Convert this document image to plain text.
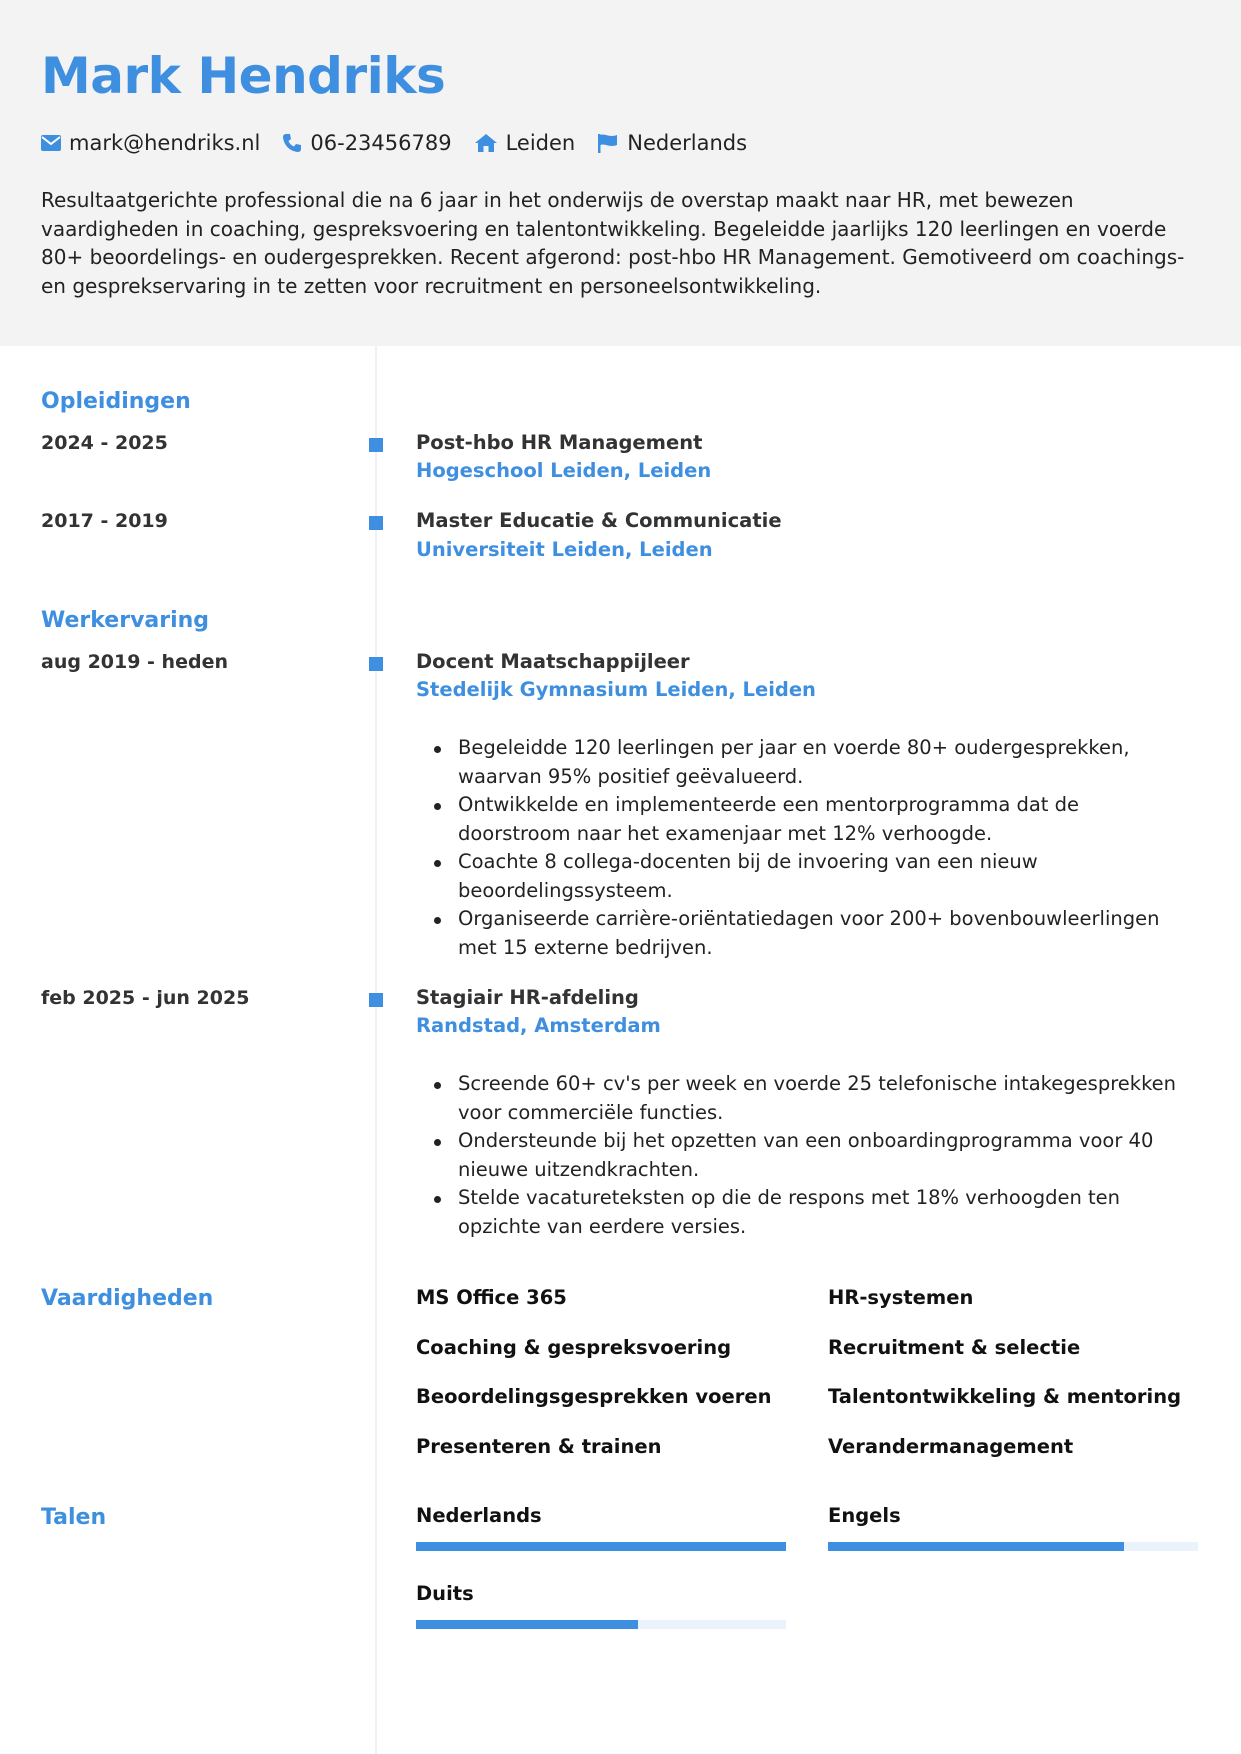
Mark Hendriks
mark@hendriks.nl 06-23456789	Leiden Nederlands

Resultaatgerichte professional die na 6 jaar in het onderwijs de overstap maakt naar HR, met bewezen vaardigheden in coaching, gespreksvoering en talentontwikkeling. Begeleidde jaarlijks 120 leerlingen en voerde 80+ beoordelings- en oudergesprekken. Recent afgerond: post-hbo HR Management. Gemotiveerd om coachings- en gesprekservaring in te zetten voor recruitment en personeelsontwikkeling.

Opleidingen
2024 - 2025	Post-hbo HR Management
Hogeschool Leiden, Leiden
2017 - 2019	Master Educatie & Communicatie
Universiteit Leiden, Leiden
Werkervaring
aug 2019 - heden	Docent Maatschappijleer
Stedelijk Gymnasium Leiden, Leiden
Begeleidde 120 leerlingen per jaar en voerde 80+ oudergesprekken, waarvan 95% positief geëvalueerd.
Ontwikkelde en implementeerde een mentorprogramma dat de doorstroom naar het examenjaar met 12% verhoogde.
Coachte 8 collega-docenten bij de invoering van een nieuw beoordelingssysteem.
Organiseerde carrière-oriëntatiedagen voor 200+ bovenbouwleerlingen met 15 externe bedrijven.
feb 2025 - jun 2025	Stagiair HR-afdeling
Randstad, Amsterdam
Screende 60+ cv's per week en voerde 25 telefonische intakegesprekken voor commerciële functies.
Ondersteunde bij het opzetten van een onboardingprogramma voor 40 nieuwe uitzendkrachten.
Stelde vacatureteksten op die de respons met 18% verhoogden ten opzichte van eerdere versies.
Vaardigheden	MS Office 365	HR-systemen
Coaching & gespreksvoering	Recruitment & selectie
Beoordelingsgesprekken voeren	Talentontwikkeling & mentoring
Presenteren & trainen	Verandermanagement
Talen	Nederlands	Engels
Duits
